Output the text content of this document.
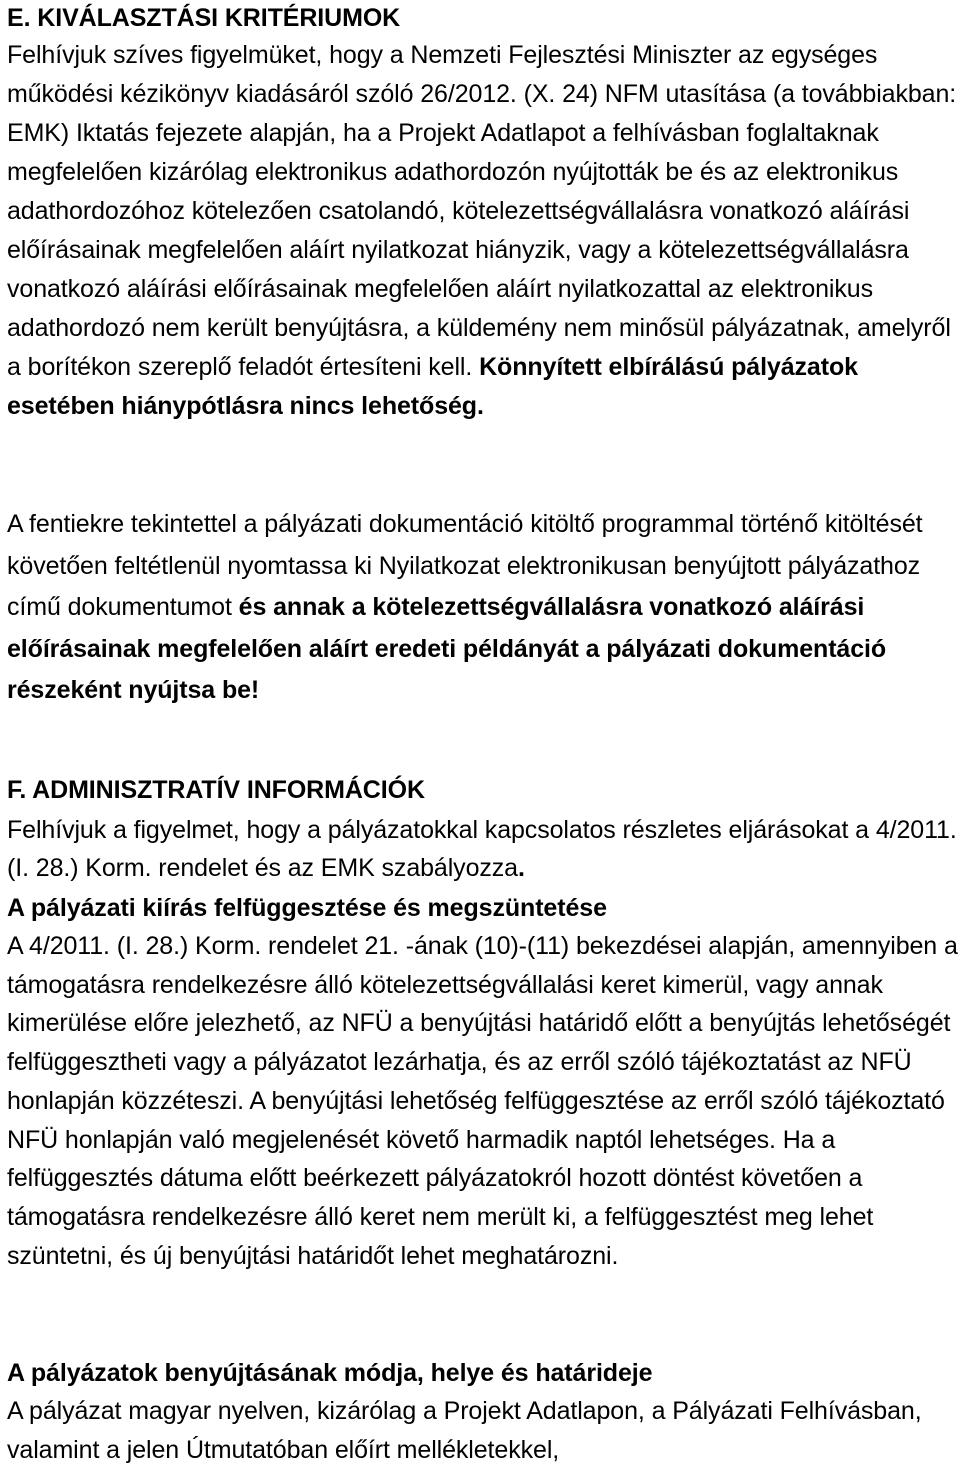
E. KIVÁLASZTÁSI KRITÉRIUMOK

Felhívjuk szíves figyelmüket, hogy a Nemzeti Fejlesztési Miniszter az egységes működési kézikönyv kiadásáról szóló 26/2012. (X. 24) NFM utasítása (a továbbiakban: EMK) Iktatás fejezete alapján, ha a Projekt Adatlapot a felhívásban foglaltaknak megfelelően kizárólag elektronikus adathordozón nyújtották be és az elektronikus adathordozóhoz kötelezően csatolandó, kötelezettségvállalásra vonatkozó aláírási előírásainak megfelelően aláírt nyilatkozat hiányzik, vagy a kötelezettségvállalásra vonatkozó aláírási előírásainak megfelelően aláírt nyilatkozattal az elektronikus adathordozó nem került benyújtásra, a küldemény nem minősül pályázatnak, amelyről a borítékon szereplő feladót értesíteni kell. Könnyített elbírálású pályázatok esetében hiánypótlásra nincs lehetőség.

A fentiekre tekintettel a pályázati dokumentáció kitöltő programmal történő kitöltését követően feltétlenül nyomtassa ki Nyilatkozat elektronikusan benyújtott pályázathoz című dokumentumot és annak a kötelezettségvállalásra vonatkozó aláírási előírásainak megfelelően aláírt eredeti példányát a pályázati dokumentáció részeként nyújtsa be!

F. ADMINISZTRATÍV INFORMÁCIÓK

Felhívjuk a figyelmet, hogy a pályázatokkal kapcsolatos részletes eljárásokat a 4/2011. (I. 28.) Korm. rendelet és az EMK szabályozza.

A pályázati kiírás felfüggesztése és megszüntetése

A 4/2011. (I. 28.) Korm. rendelet 21. -ának (10)-(11) bekezdései alapján, amennyiben a támogatásra rendelkezésre álló kötelezettségvállalási keret kimerül, vagy annak kimerülése előre jelezhető, az NFÜ a benyújtási határidő előtt a benyújtás lehetőségét felfüggesztheti vagy a pályázatot lezárhatja, és az erről szóló tájékoztatást az NFÜ honlapján közzéteszi. A benyújtási lehetőség felfüggesztése az erről szóló tájékoztató NFÜ honlapján való megjelenését követő harmadik naptól lehetséges. Ha a felfüggesztés dátuma előtt beérkezett pályázatokról hozott döntést követően a támogatásra rendelkezésre álló keret nem merült ki, a felfüggesztést meg lehet szüntetni, és új benyújtási határidőt lehet meghatározni.

A pályázatok benyújtásának módja, helye és határideje

A pályázat magyar nyelven, kizárólag a Projekt Adatlapon, a Pályázati Felhívásban, valamint a jelen Útmutatóban előírt mellékletekkel,
